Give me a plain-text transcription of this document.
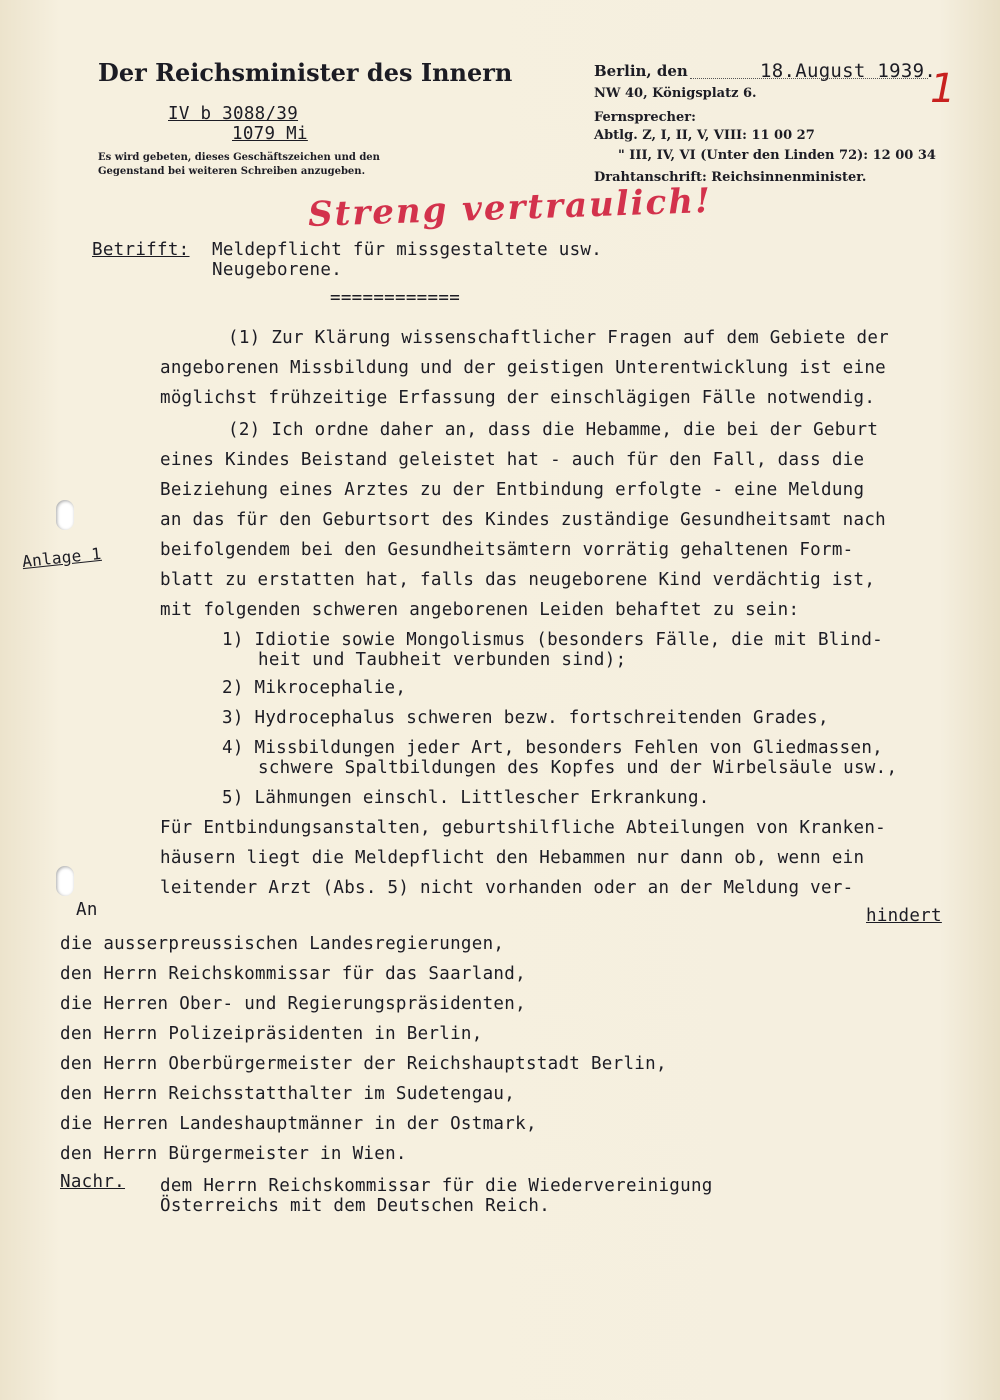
Der Reichsminister des Innern
IV b 3088/39
1079 Mi
Es wird gebeten, dieses Geschäftszeichen und den
Gegenstand bei weiteren Schreiben anzugeben.
Berlin, den	18.August 1939.
1
NW 40, Königsplatz 6.
Fernsprecher:
Abtlg. Z, I, II, V, VIII: 11 00 27
" III, IV, VI (Unter den Linden 72): 12 00 34
Drahtanschrift: Reichsinnenminister.
Streng vertraulich!
Betrifft: Meldepflicht für missgestaltete usw.
Neugeborene.
============
(1) Zur Klärung wissenschaftlicher Fragen auf dem Gebiete der
angeborenen Missbildung und der geistigen Unterentwicklung ist eine
möglichst frühzeitige Erfassung der einschlägigen Fälle notwendig.
(2) Ich ordne daher an, dass die Hebamme, die bei der Geburt
eines Kindes Beistand geleistet hat - auch für den Fall, dass die
Beiziehung eines Arztes zu der Entbindung erfolgte - eine Meldung
an das für den Geburtsort des Kindes zuständige Gesundheitsamt nach
beifolgendem bei den Gesundheitsämtern vorrätig gehaltenen Form-
blatt zu erstatten hat, falls das neugeborene Kind verdächtig ist,
mit folgenden schweren angeborenen Leiden behaftet zu sein:
Anlage 1
1) Idiotie sowie Mongolismus (besonders Fälle, die mit Blind-
heit und Taubheit verbunden sind);
2) Mikrocephalie,
3) Hydrocephalus schweren bezw. fortschreitenden Grades,
4) Missbildungen jeder Art, besonders Fehlen von Gliedmassen,
schwere Spaltbildungen des Kopfes und der Wirbelsäule usw.,
5) Lähmungen einschl. Littlescher Erkrankung.
Für Entbindungsanstalten, geburtshilfliche Abteilungen von Kranken-
häusern liegt die Meldepflicht den Hebammen nur dann ob, wenn ein
leitender Arzt (Abs. 5) nicht vorhanden oder an der Meldung ver-
hindert
An
die ausserpreussischen Landesregierungen,
den Herrn Reichskommissar für das Saarland,
die Herren Ober- und Regierungspräsidenten,
den Herrn Polizeipräsidenten in Berlin,
den Herrn Oberbürgermeister der Reichshauptstadt Berlin,
den Herrn Reichsstatthalter im Sudetengau,
die Herren Landeshauptmänner in der Ostmark,
den Herrn Bürgermeister in Wien.
Nachr. dem Herrn Reichskommissar für die Wiedervereinigung
Österreichs mit dem Deutschen Reich.
